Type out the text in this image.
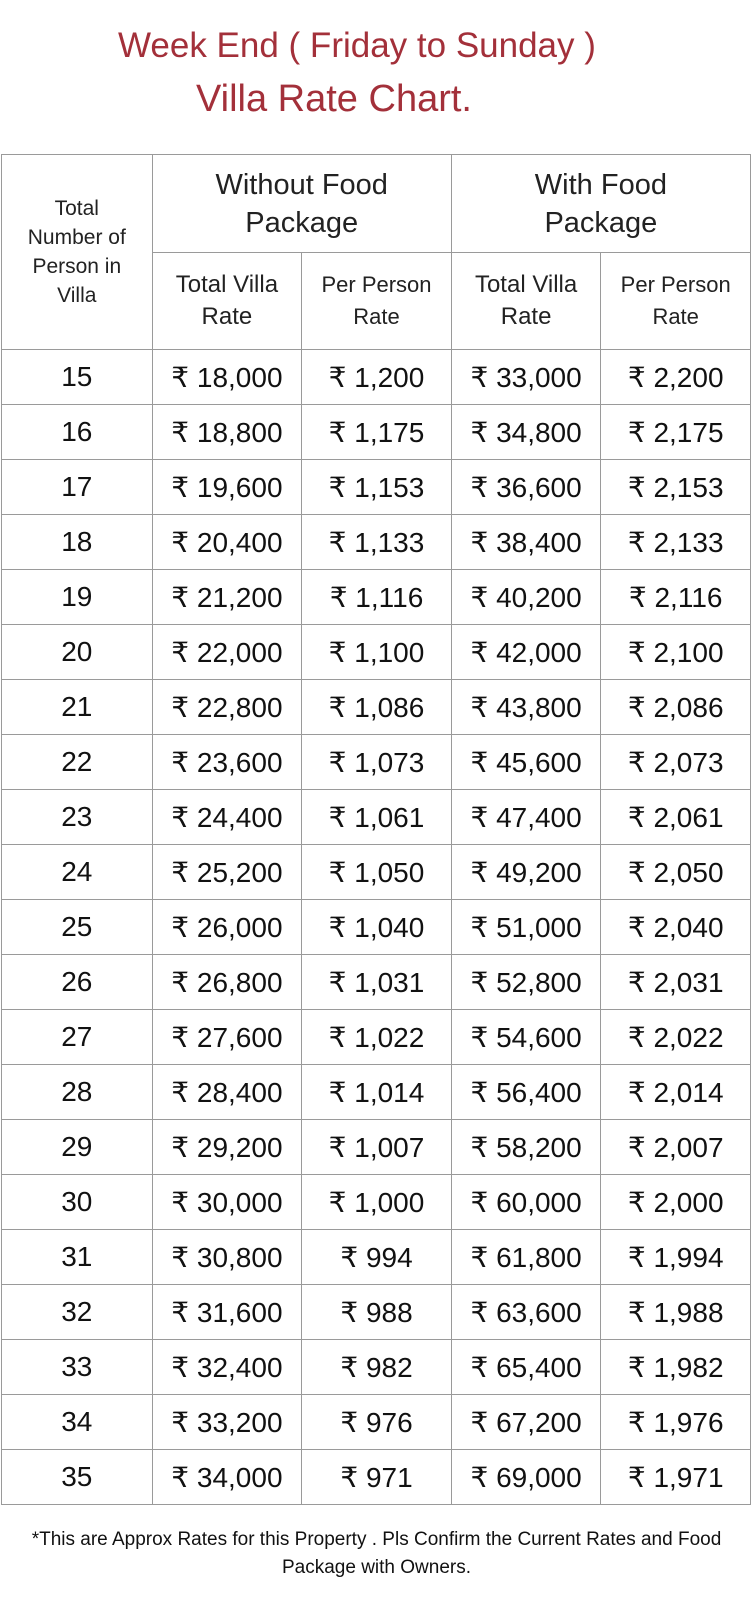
Week End ( Friday to Sunday )
Villa Rate Chart.
Total Number of Person in Villa	Without Food Package		With Food Package	
	Total Villa Rate	Per Person Rate	Total Villa Rate	Per Person Rate
15	₹ 18,000	₹ 1,200	₹ 33,000	₹ 2,200
16	₹ 18,800	₹ 1,175	₹ 34,800	₹ 2,175
17	₹ 19,600	₹ 1,153	₹ 36,600	₹ 2,153
18	₹ 20,400	₹ 1,133	₹ 38,400	₹ 2,133
19	₹ 21,200	₹ 1,116	₹ 40,200	₹ 2,116
20	₹ 22,000	₹ 1,100	₹ 42,000	₹ 2,100
21	₹ 22,800	₹ 1,086	₹ 43,800	₹ 2,086
22	₹ 23,600	₹ 1,073	₹ 45,600	₹ 2,073
23	₹ 24,400	₹ 1,061	₹ 47,400	₹ 2,061
24	₹ 25,200	₹ 1,050	₹ 49,200	₹ 2,050
25	₹ 26,000	₹ 1,040	₹ 51,000	₹ 2,040
26	₹ 26,800	₹ 1,031	₹ 52,800	₹ 2,031
27	₹ 27,600	₹ 1,022	₹ 54,600	₹ 2,022
28	₹ 28,400	₹ 1,014	₹ 56,400	₹ 2,014
29	₹ 29,200	₹ 1,007	₹ 58,200	₹ 2,007
30	₹ 30,000	₹ 1,000	₹ 60,000	₹ 2,000
31	₹ 30,800	₹ 994	₹ 61,800	₹ 1,994
32	₹ 31,600	₹ 988	₹ 63,600	₹ 1,988
33	₹ 32,400	₹ 982	₹ 65,400	₹ 1,982
34	₹ 33,200	₹ 976	₹ 67,200	₹ 1,976
35	₹ 34,000	₹ 971	₹ 69,000	₹ 1,971
*This are Approx Rates for this Property . Pls Confirm the Current Rates and Food Package with Owners.
